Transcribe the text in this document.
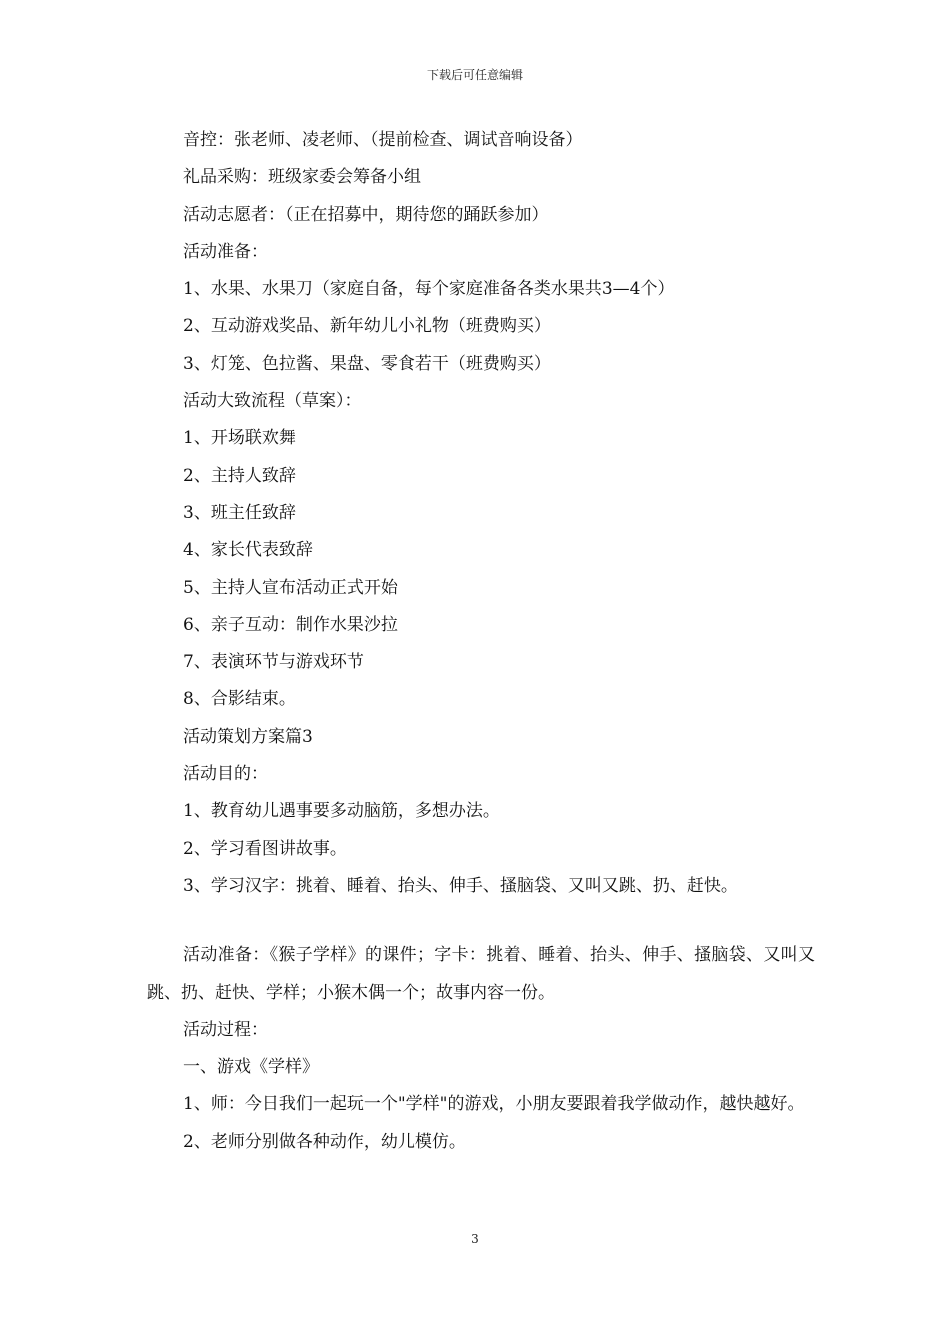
下载后可任意编辑
音控：张老师、凌老师、（提前检查、调试音响设备）
礼品采购：班级家委会筹备小组
活动志愿者：（正在招募中，期待您的踊跃参加）
活动准备：
1、水果、水果刀（家庭自备，每个家庭准备各类水果共3—4个）
2、互动游戏奖品、新年幼儿小礼物（班费购买）
3、灯笼、色拉酱、果盘、零食若干（班费购买）
活动大致流程（草案）：
1、开场联欢舞
2、主持人致辞
3、班主任致辞
4、家长代表致辞
5、主持人宣布活动正式开始
6、亲子互动：制作水果沙拉
7、表演环节与游戏环节
8、合影结束。
活动策划方案篇3
活动目的：
1、教育幼儿遇事要多动脑筋，多想办法。
2、学习看图讲故事。
3、学习汉字：挑着、睡着、抬头、伸手、搔脑袋、又叫又跳、扔、赶快。
活动准备：《猴子学样》的课件；字卡：挑着、睡着、抬头、伸手、搔脑袋、又叫又跳、扔、赶快、学样；小猴木偶一个；故事内容一份。
活动过程：
一、游戏《学样》
1、师：今日我们一起玩一个"学样"的游戏，小朋友要跟着我学做动作，越快越好。
2、老师分别做各种动作，幼儿模仿。
3
